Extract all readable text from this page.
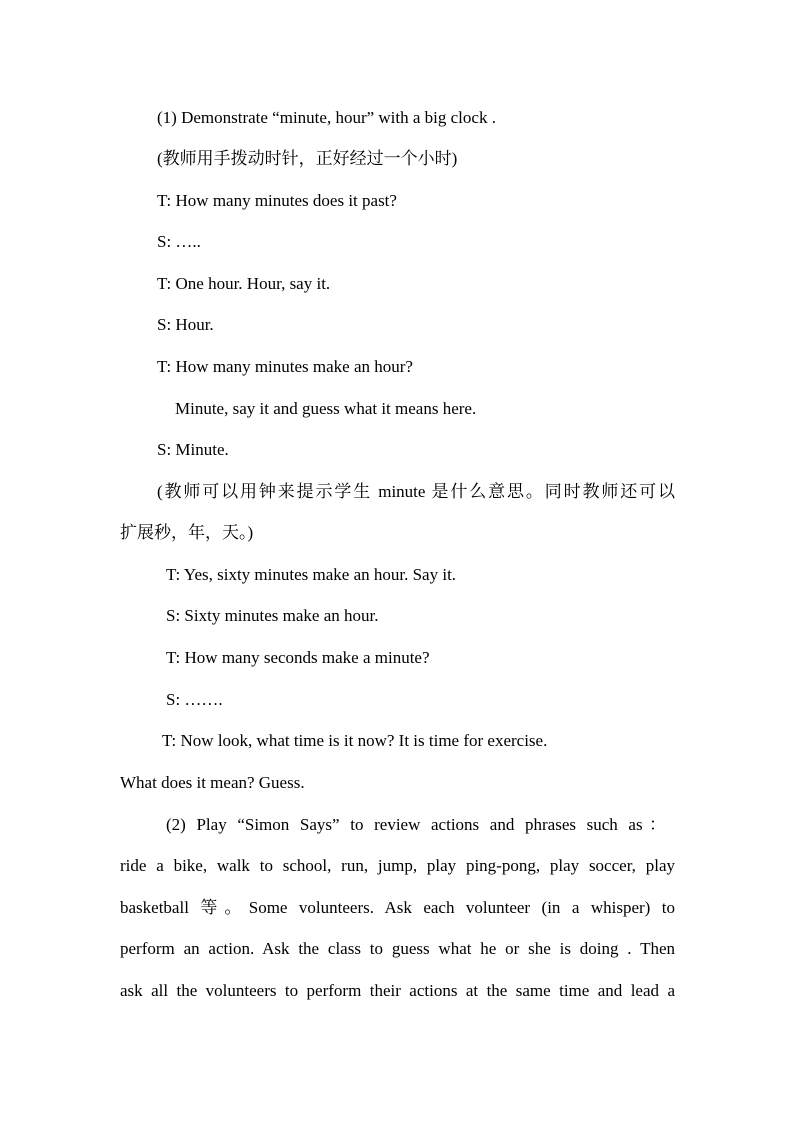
(1) Demonstrate “minute, hour” with a big clock .
(教师用手拨动时针，正好经过一个小时)
T: How many minutes does it past?
S: …..
T: One hour. Hour, say it.
S: Hour.
T: How many minutes make an hour?
Minute, say it and guess what it means here.
S: Minute.
(教师可以用钟来提示学生 minute 是什么意思。同时教师还可以
扩展秒，年，天。)
T: Yes, sixty minutes make an hour. Say it.
S: Sixty minutes make an hour.
T: How many seconds make a minute?
S: …….
T: Now look, what time is it now? It is time for exercise.
What does it mean? Guess.
(2) Play “Simon Says” to review actions and phrases such as：
ride a bike, walk to school, run, jump, play ping-pong, play soccer, play
basketball 等。Some volunteers. Ask each volunteer (in a whisper) to
perform an action. Ask the class to guess what he or she is doing . Then
ask all the volunteers to perform their actions at the same time and lead a
